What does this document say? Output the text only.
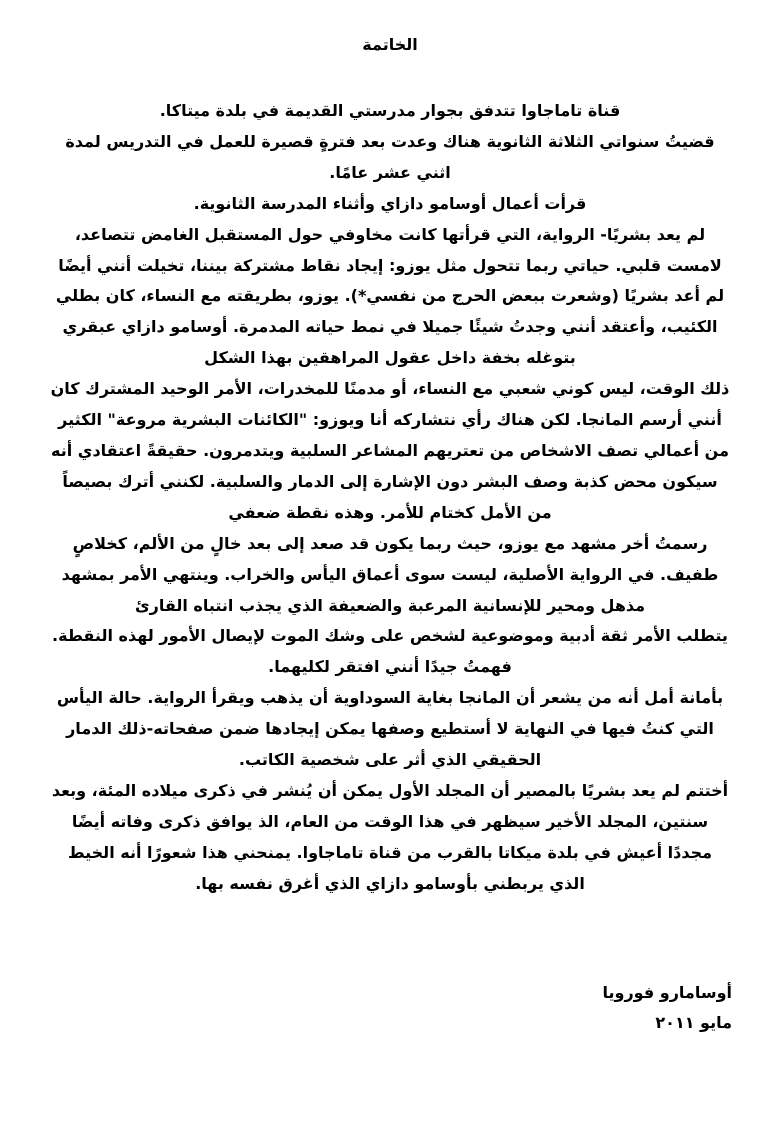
الخاتمة

قناة تاماجاوا تتدفق بجوار مدرستي القديمة في بلدة ميتاكا.

قضيتُ سنواتي الثلاثة الثانوية هناك وعدت بعد فترةٍ قصيرة للعمل في التدريس لمدة اثني عشر عامًا.

قرأت أعمال أوسامو دازاي وأثناء المدرسة الثانوية.

لم يعد بشريًا- الرواية، التي قرأتها كانت مخاوفي حول المستقبل الغامض تتصاعد، لامست قلبي. حياتي ربما تتحول مثل يوزو: إيجاد نقاط مشتركة بيننا، تخيلت أنني أيضًا لم أعد بشريًا (وشعرت ببعض الحرج من نفسي*). يوزو، بطريقته مع النساء، كان بطلي الكئيب، وأعتقد أنني وجدتُ شيئًا جميلا في نمط حياته المدمرة. أوسامو دازاي عبقري بتوغله بخفة داخل عقول المراهقين بهذا الشكل

ذلك الوقت، ليس كوني شعبي مع النساء، أو مدمنًا للمخدرات، الأمر الوحيد المشترك كان أنني أرسم المانجا. لكن هناك رأي نتشاركه أنا ويوزو: "الكائنات البشرية مروعة" الكثير من أعمالي تصف الاشخاص من تعتريهم المشاعر السلبية ويتدمرون. حقيقةً اعتقادي أنه سيكون محض كذبة وصف البشر دون الإشارة إلى الدمار والسلبية. لكنني أترك بصيصاً من الأمل كختام للأمر. وهذه نقطة ضعفي

رسمتُ أخر مشهد مع يوزو، حيث ربما يكون قد صعد إلى بعد خالٍ من الألم، كخلاصٍ طفيف. في الرواية الأصلية، ليست سوى أعماق اليأس والخراب. وينتهي الأمر بمشهد مذهل ومحير للإنسانية المرعبة والضعيفة الذي يجذب انتباه القارئ

يتطلب الأمر ثقة أدبية وموضوعية لشخص على وشك الموت لإيصال الأمور لهذه النقطة. فهمتُ جيدًا أنني افتقر لكليهما.

بأمانة أمل أنه من يشعر أن المانجا بغاية السوداوية أن يذهب ويقرأ الرواية. حالة اليأس التي كنتُ فيها في النهاية لا أستطيع وصفها يمكن إيجادها ضمن صفحاته-ذلك الدمار الحقيقي الذي أثر على شخصية الكاتب.

أختتم لم يعد بشريًا بالمصير أن المجلد الأول يمكن أن يُنشر في ذكرى ميلاده المئة، وبعد سنتين، المجلد الأخير سيظهر في هذا الوقت من العام، الذ يوافق ذكرى وفاته أيضًا مجددًا أعيش في بلدة ميكاتا بالقرب من قناة تاماجاوا. يمنحني هذا شعورًا أنه الخيط الذي يربطني بأوسامو دازاي الذي أغرق نفسه بها.

أوسامارو فورويا
مايو ٢٠١١
